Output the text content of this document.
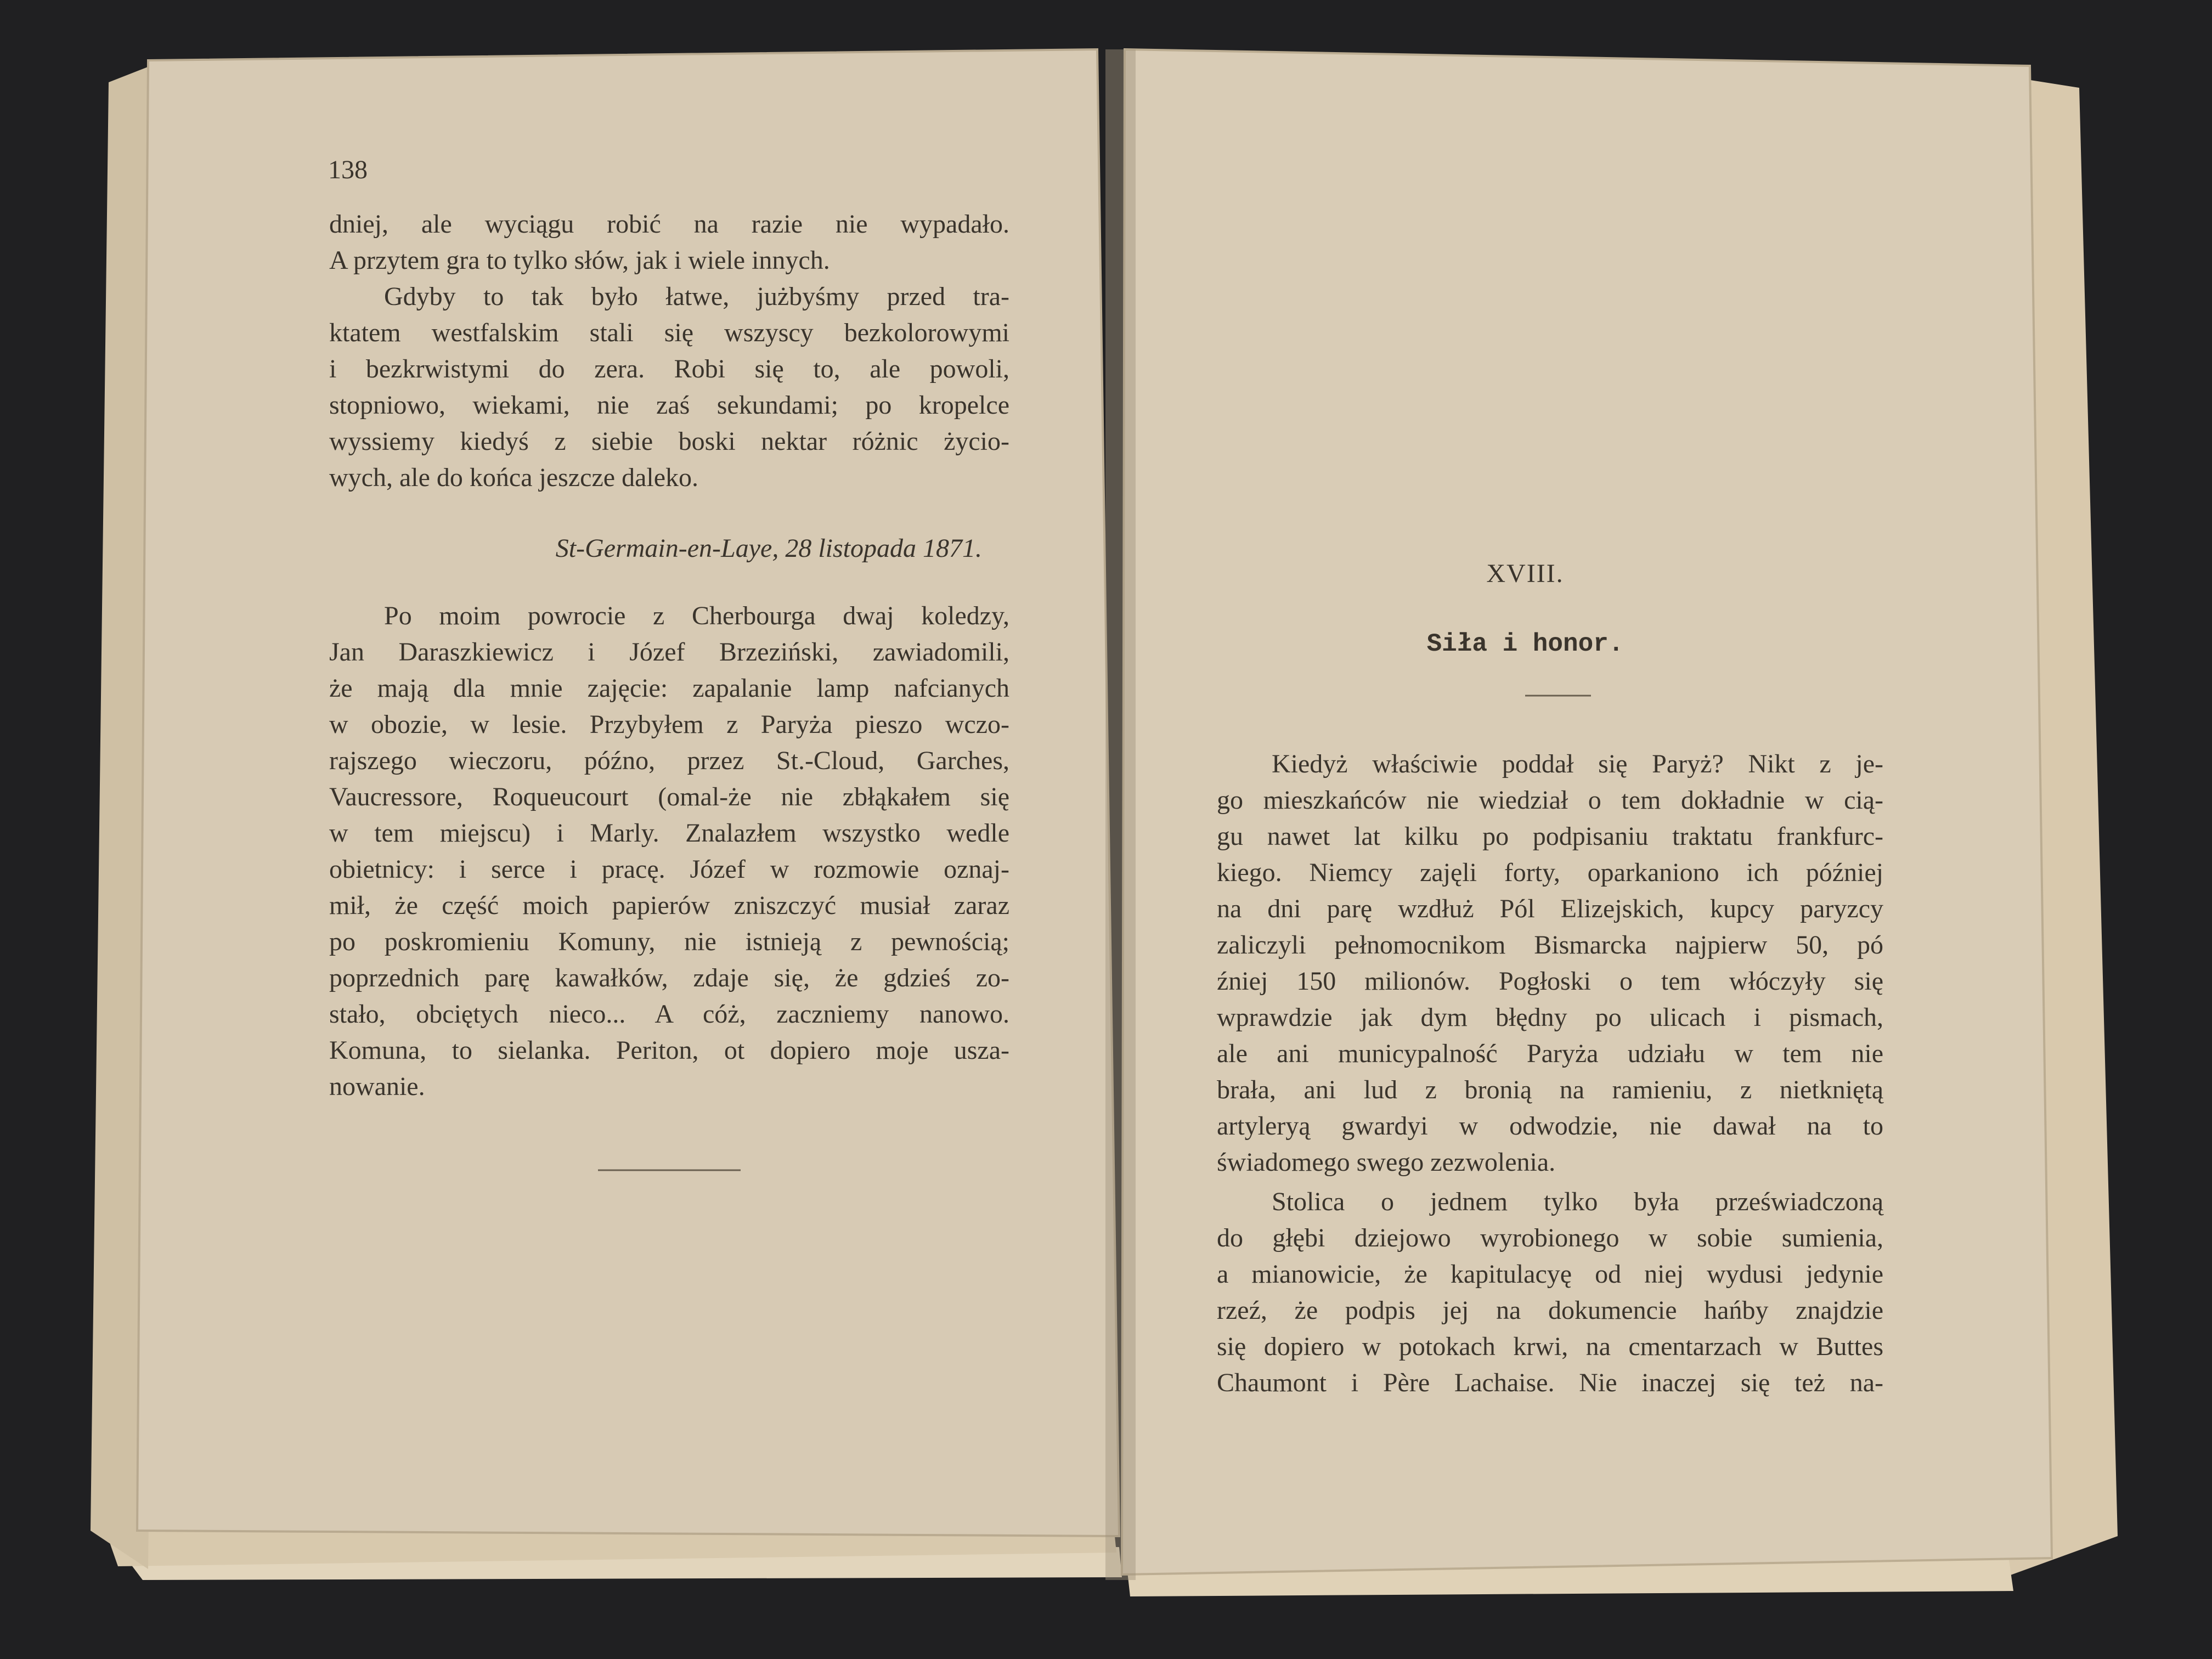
138
dniej, ale wyciągu robić na razie nie wypadało.
A przytem gra to tylko słów, jak i wiele innych.
Gdyby to tak było łatwe, jużbyśmy przed tra-
ktatem westfalskim stali się wszyscy bezkolorowymi
i bezkrwistymi do zera. Robi się to, ale powoli,
stopniowo, wiekami, nie zaś sekundami; po kropelce
wyssiemy kiedyś z siebie boski nektar różnic życio-
wych, ale do końca jeszcze daleko.
St-Germain-en-Laye, 28 listopada 1871.
Po moim powrocie z Cherbourga dwaj koledzy,
Jan Daraszkiewicz i Józef Brzeziński, zawiadomili,
że mają dla mnie zajęcie: zapalanie lamp nafcianych
w obozie, w lesie. Przybyłem z Paryża pieszo wczo-
rajszego wieczoru, późno, przez St.-Cloud, Garches,
Vaucressore, Roqueucourt (omal-że nie zbłąkałem się
w tem miejscu) i Marly. Znalazłem wszystko wedle
obietnicy: i serce i pracę. Józef w rozmowie oznaj-
mił, że część moich papierów zniszczyć musiał zaraz
po poskromieniu Komuny, nie istnieją z pewnością;
poprzednich parę kawałków, zdaje się, że gdzieś zo-
stało, obciętych nieco... A cóż, zaczniemy nanowo.
Komuna, to sielanka. Periton, ot dopiero moje usza-
nowanie.
XVIII.
Siła i honor.
Kiedyż właściwie poddał się Paryż? Nikt z je-
go mieszkańców nie wiedział o tem dokładnie w cią-
gu nawet lat kilku po podpisaniu traktatu frankfurc-
kiego. Niemcy zajęli forty, oparkaniono ich później
na dni parę wzdłuż Pól Elizejskich, kupcy paryzcy
zaliczyli pełnomocnikom Bismarcka najpierw 50, pó
źniej 150 milionów. Pogłoski o tem włóczyły się
wprawdzie jak dym błędny po ulicach i pismach,
ale ani municypalność Paryża udziału w tem nie
brała, ani lud z bronią na ramieniu, z nietkniętą
artyleryą gwardyi w odwodzie, nie dawał na to
świadomego swego zezwolenia.
Stolica o jednem tylko była przeświadczoną
do głębi dziejowo wyrobionego w sobie sumienia,
a mianowicie, że kapitulacyę od niej wydusi jedynie
rzeź, że podpis jej na dokumencie hańby znajdzie
się dopiero w potokach krwi, na cmentarzach w Buttes
Chaumont i Père Lachaise. Nie inaczej się też na-
